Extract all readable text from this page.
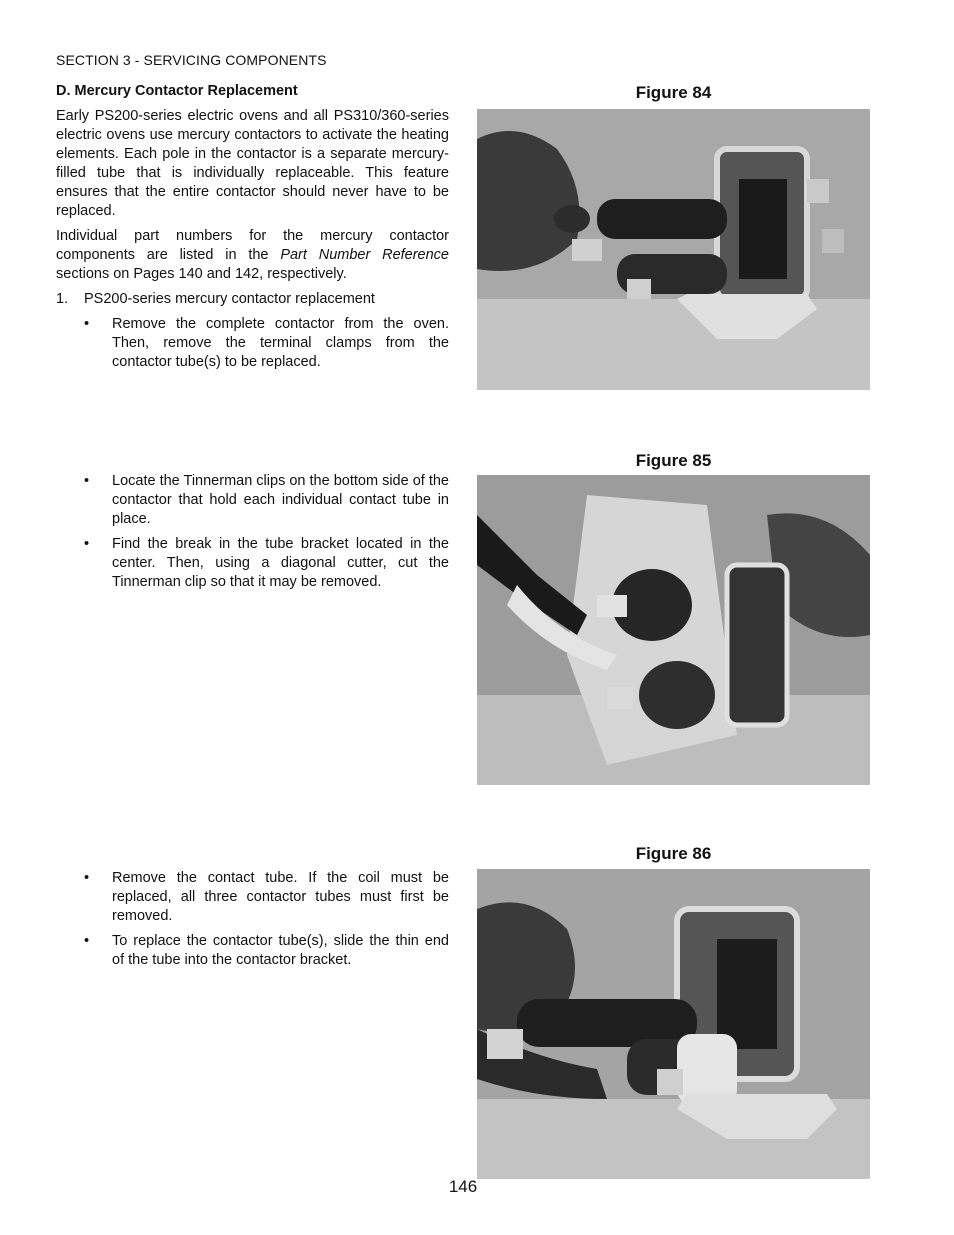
SECTION 3 - SERVICING COMPONENTS

D. Mercury Contactor Replacement

Early PS200-series electric ovens and all PS310/360-series electric ovens use mercury contactors to activate the heating elements. Each pole in the contactor is a separate mercury-filled tube that is individually replaceable. This feature ensures that the entire contactor should never have to be replaced.

Individual part numbers for the mercury contactor components are listed in the Part Number Reference sections on Pages 140 and 142, respectively.

1.	PS200-series mercury contactor replacement
•	Remove the complete contactor from the oven. Then, remove the terminal clamps from the contactor tube(s) to be replaced.
•	Locate the Tinnerman clips on the bottom side of the contactor that hold each individual contact tube in place.
•	Find the break in the tube bracket located in the center. Then, using a diagonal cutter, cut the Tinnerman clip so that it may be removed.
•	Remove the contact tube. If the coil must be replaced, all three contactor tubes must first be removed.
•	To replace the contactor tube(s), slide the thin end of the tube into the contactor bracket.
Figure 84
Figure 85
Figure 86
146
